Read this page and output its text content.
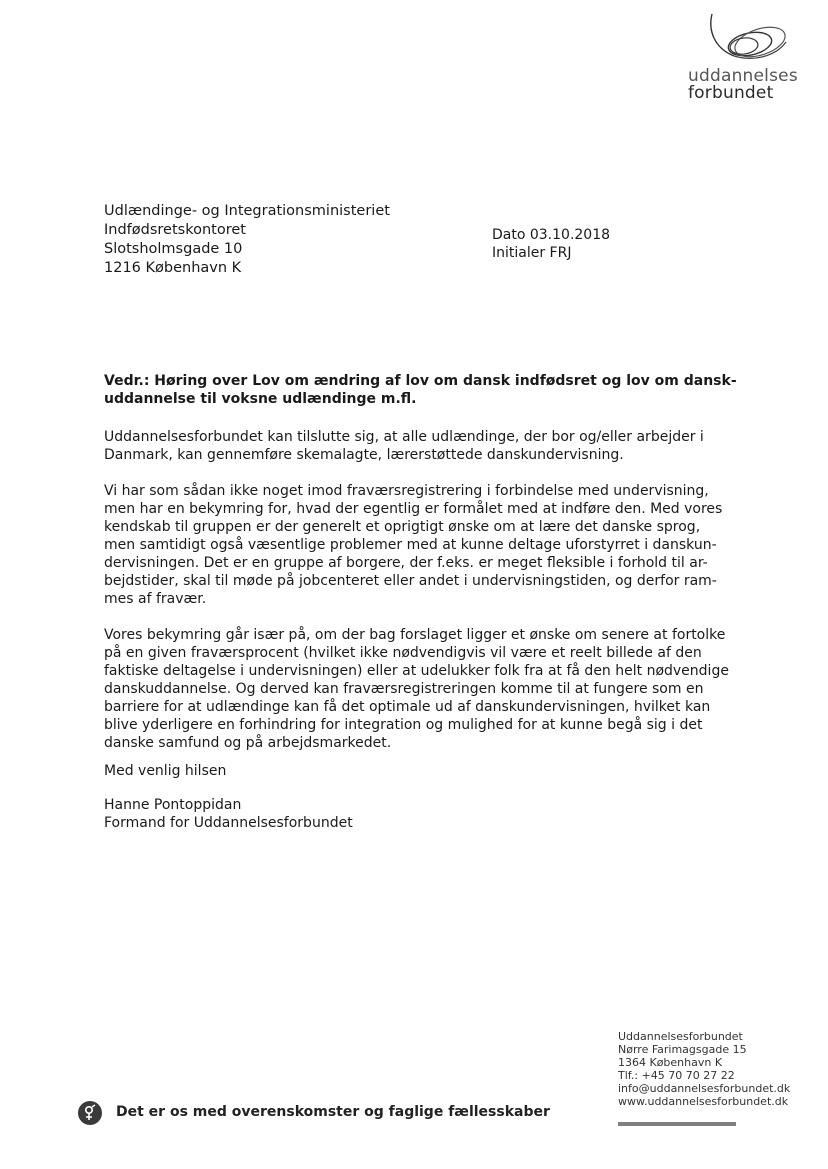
uddannelses
forbundet
Udlændinge- og Integrationsministeriet
Indfødsretskontoret
Slotsholmsgade 10
1216 København K
Dato 03.10.2018
Initialer FRJ
Vedr.: Høring over Lov om ændring af lov om dansk indfødsret og lov om dansk-
uddannelse til voksne udlændinge m.fl.
Uddannelsesforbundet kan tilslutte sig, at alle udlændinge, der bor og/eller arbejder i
Danmark, kan gennemføre skemalagte, lærerstøttede danskundervisning.
Vi har som sådan ikke noget imod fraværsregistrering i forbindelse med undervisning,
men har en bekymring for, hvad der egentlig er formålet med at indføre den. Med vores
kendskab til gruppen er der generelt et oprigtigt ønske om at lære det danske sprog,
men samtidigt også væsentlige problemer med at kunne deltage uforstyrret i danskun-
dervisningen. Det er en gruppe af borgere, der f.eks. er meget fleksible i forhold til ar-
bejdstider, skal til møde på jobcenteret eller andet i undervisningstiden, og derfor ram-
mes af fravær.
Vores bekymring går især på, om der bag forslaget ligger et ønske om senere at fortolke
på en given fraværsprocent (hvilket ikke nødvendigvis vil være et reelt billede af den
faktiske deltagelse i undervisningen) eller at udelukker folk fra at få den helt nødvendige
danskuddannelse. Og derved kan fraværsregistreringen komme til at fungere som en
barriere for at udlændinge kan få det optimale ud af danskundervisningen, hvilket kan
blive yderligere en forhindring for integration og mulighed for at kunne begå sig i det
danske samfund og på arbejdsmarkedet.
Med venlig hilsen
Hanne Pontoppidan
Formand for Uddannelsesforbundet
Uddannelsesforbundet
Nørre Farimagsgade 15
1364 København K
Tlf.: +45 70 70 27 22
info@uddannelsesforbundet.dk
www.uddannelsesforbundet.dk
Det er os med overenskomster og faglige fællesskaber
